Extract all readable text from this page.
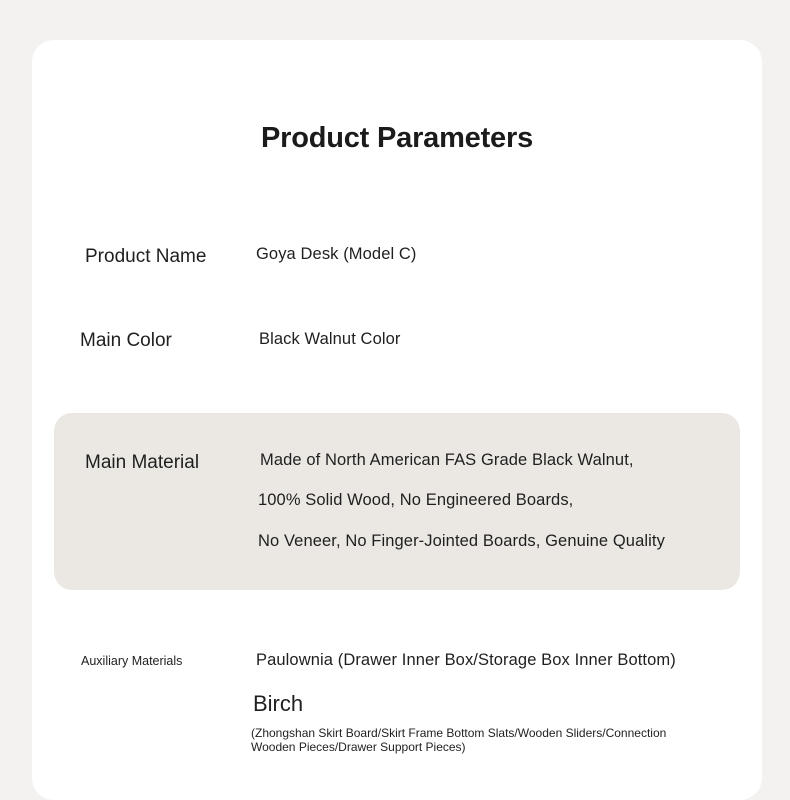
Product Parameters
Product Name	Goya Desk (Model C)
Main Color	Black Walnut Color
Main Material	Made of North American FAS Grade Black Walnut,
100% Solid Wood, No Engineered Boards,
No Veneer, No Finger-Jointed Boards, Genuine Quality
Auxiliary Materials	Paulownia (Drawer Inner Box/Storage Box Inner Bottom)
Birch
(Zhongshan Skirt Board/Skirt Frame Bottom Slats/Wooden Sliders/Connection Wooden Pieces/Drawer Support Pieces)
